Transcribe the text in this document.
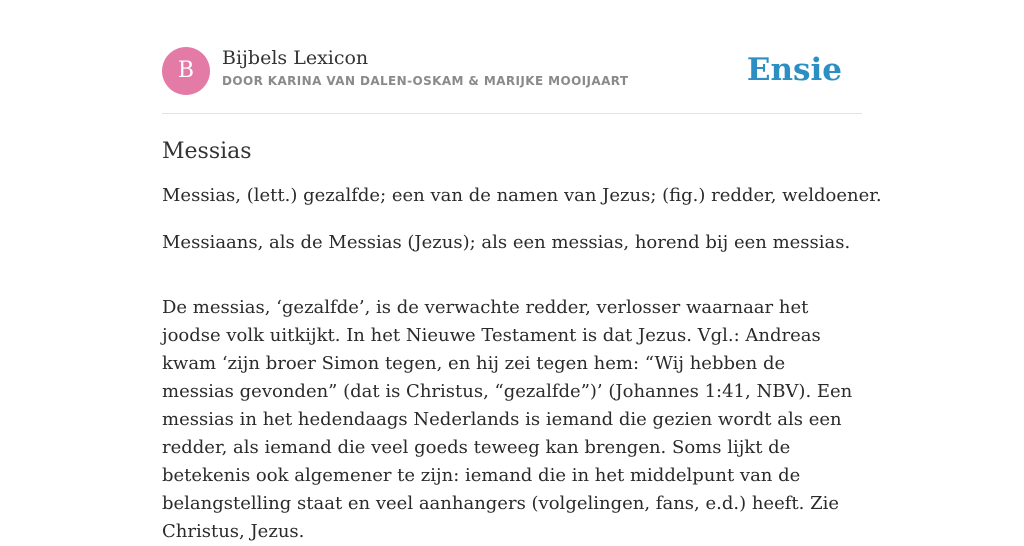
B	Bijbels Lexicon
DOOR KARINA VAN DALEN-OSKAM & MARIJKE MOOIJAART	Ensie
Messias

Messias, (lett.) gezalfde; een van de namen van Jezus; (fig.) redder, weldoener.

Messiaans, als de Messias (Jezus); als een messias, horend bij een messias.

De messias, ‘gezalfde’, is de verwachte redder, verlosser waarnaar het joodse volk uitkijkt. In het Nieuwe Testament is dat Jezus. Vgl.: Andreas kwam ‘zijn broer Simon tegen, en hij zei tegen hem: “Wij hebben de messias gevonden” (dat is Christus, “gezalfde”)’ (Johannes 1:41, NBV). Een messias in het hedendaags Nederlands is iemand die gezien wordt als een redder, als iemand die veel goeds teweeg kan brengen. Soms lijkt de betekenis ook algemener te zijn: iemand die in het middelpunt van de belangstelling staat en veel aanhangers (volgelingen, fans, e.d.) heeft. Zie Christus, Jezus.
